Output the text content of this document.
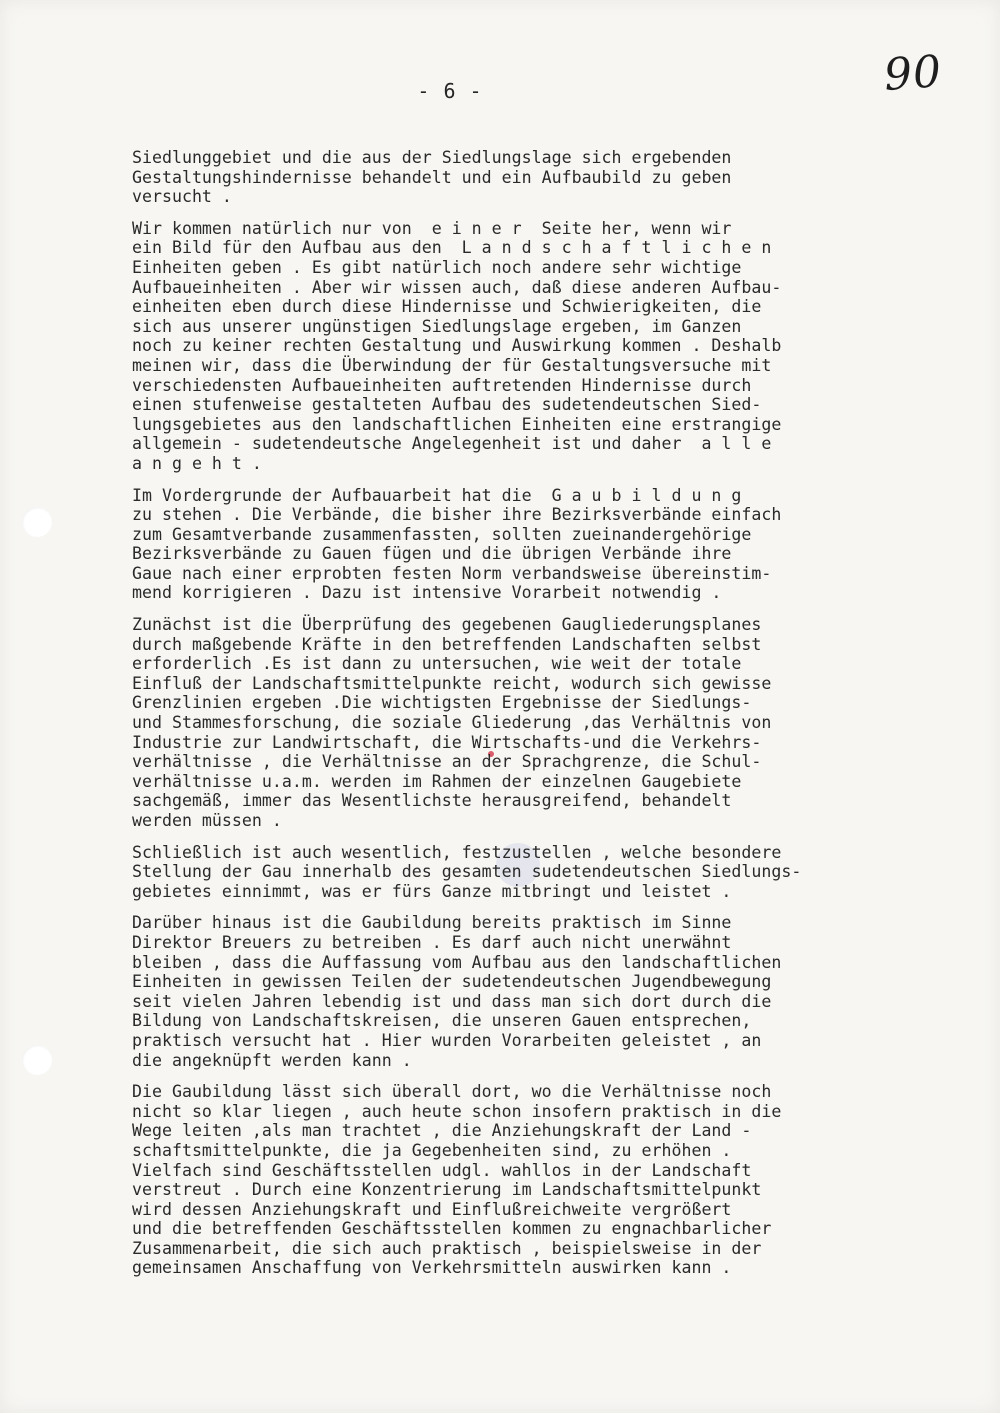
- 6 -	90
Siedlunggebiet und die aus der Siedlungslage sich ergebenden
Gestaltungshindernisse behandelt und ein Aufbaubild zu geben
versucht .
Wir kommen natürlich nur von  e i n e r  Seite her, wenn wir
ein Bild für den Aufbau aus den  L a n d s c h a f t l i c h e n
Einheiten geben . Es gibt natürlich noch andere sehr wichtige
Aufbaueinheiten . Aber wir wissen auch, daß diese anderen Aufbau-
einheiten eben durch diese Hindernisse und Schwierigkeiten, die
sich aus unserer ungünstigen Siedlungslage ergeben, im Ganzen
noch zu keiner rechten Gestaltung und Auswirkung kommen . Deshalb
meinen wir, dass die Überwindung der für Gestaltungsversuche mit
verschiedensten Aufbaueinheiten auftretenden Hindernisse durch
einen stufenweise gestalteten Aufbau des sudetendeutschen Sied-
lungsgebietes aus den landschaftlichen Einheiten eine erstrangige
allgemein - sudetendeutsche Angelegenheit ist und daher  a l l e
a n g e h t .
Im Vordergrunde der Aufbauarbeit hat die  G a u b i l d u n g
zu stehen . Die Verbände, die bisher ihre Bezirksverbände einfach
zum Gesamtverbande zusammenfassten, sollten zueinandergehörige
Bezirksverbände zu Gauen fügen und die übrigen Verbände ihre
Gaue nach einer erprobten festen Norm verbandsweise übereinstim-
mend korrigieren . Dazu ist intensive Vorarbeit notwendig .
Zunächst ist die Überprüfung des gegebenen Gaugliederungsplanes
durch maßgebende Kräfte in den betreffenden Landschaften selbst
erforderlich .Es ist dann zu untersuchen, wie weit der totale
Einfluß der Landschaftsmittelpunkte reicht, wodurch sich gewisse
Grenzlinien ergeben .Die wichtigsten Ergebnisse der Siedlungs-
und Stammesforschung, die soziale Gliederung ,das Verhältnis von
Industrie zur Landwirtschaft, die Wirtschafts-und die Verkehrs-
verhältnisse , die Verhältnisse an der Sprachgrenze, die Schul-
verhältnisse u.a.m. werden im Rahmen der einzelnen Gaugebiete
sachgemäß, immer das Wesentlichste herausgreifend, behandelt
werden müssen .
Schließlich ist auch wesentlich, festzustellen , welche besondere
Stellung der Gau innerhalb des gesamten sudetendeutschen Siedlungs-
gebietes einnimmt, was er fürs Ganze mitbringt und leistet .
Darüber hinaus ist die Gaubildung bereits praktisch im Sinne
Direktor Breuers zu betreiben . Es darf auch nicht unerwähnt
bleiben , dass die Auffassung vom Aufbau aus den landschaftlichen
Einheiten in gewissen Teilen der sudetendeutschen Jugendbewegung
seit vielen Jahren lebendig ist und dass man sich dort durch die
Bildung von Landschaftskreisen, die unseren Gauen entsprechen,
praktisch versucht hat . Hier wurden Vorarbeiten geleistet , an
die angeknüpft werden kann .
Die Gaubildung lässt sich überall dort, wo die Verhältnisse noch
nicht so klar liegen , auch heute schon insofern praktisch in die
Wege leiten ,als man trachtet , die Anziehungskraft der Land -
schaftsmittelpunkte, die ja Gegebenheiten sind, zu erhöhen .
Vielfach sind Geschäftsstellen udgl. wahllos in der Landschaft
verstreut . Durch eine Konzentrierung im Landschaftsmittelpunkt
wird dessen Anziehungskraft und Einflußreichweite vergrößert
und die betreffenden Geschäftsstellen kommen zu engnachbarlicher
Zusammenarbeit, die sich auch praktisch , beispielsweise in der
gemeinsamen Anschaffung von Verkehrsmitteln auswirken kann .
